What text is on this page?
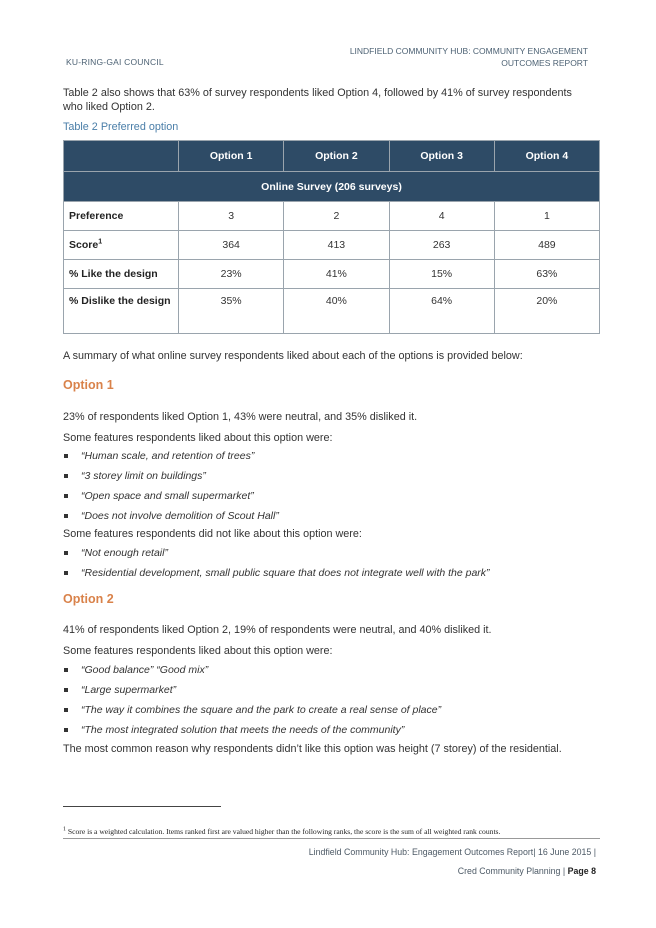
KU-RING-GAI COUNCIL
LINDFIELD COMMUNITY HUB: COMMUNITY ENGAGEMENT
OUTCOMES REPORT
Table 2 also shows that 63% of survey respondents liked Option 4, followed by 41% of survey respondents who liked Option 2.
Table 2 Preferred option
	Option 1	Option 2	Option 3	Option 4
Online Survey (206 surveys)				
Preference	3	2	4	1
Score$^1$	364	413	263	489
% Like the design	23%	41%	15%	63%
% Dislike the design	35%	40%	64%	20%
A summary of what online survey respondents liked about each of the options is provided below:
Option 1
23% of respondents liked Option 1, 43% were neutral, and 35% disliked it.
Some features respondents liked about this option were:
“Human scale, and retention of trees”
“3 storey limit on buildings”
“Open space and small supermarket”
“Does not involve demolition of Scout Hall”
Some features respondents did not like about this option were:
“Not enough retail”
“Residential development, small public square that does not integrate well with the park”
Option 2
41% of respondents liked Option 2, 19% of respondents were neutral, and 40% disliked it.
Some features respondents liked about this option were:
“Good balance” “Good mix”
“Large supermarket”
“The way it combines the square and the park to create a real sense of place”
“The most integrated solution that meets the needs of the community”
The most common reason why respondents didn’t like this option was height (7 storey) of the residential.
$^1$ Score is a weighted calculation. Items ranked first are valued higher than the following ranks, the score is the sum of all weighted rank counts.
Lindfield Community Hub: Engagement Outcomes Report| 16 June 2015 |
Cred Community Planning | Page 8
